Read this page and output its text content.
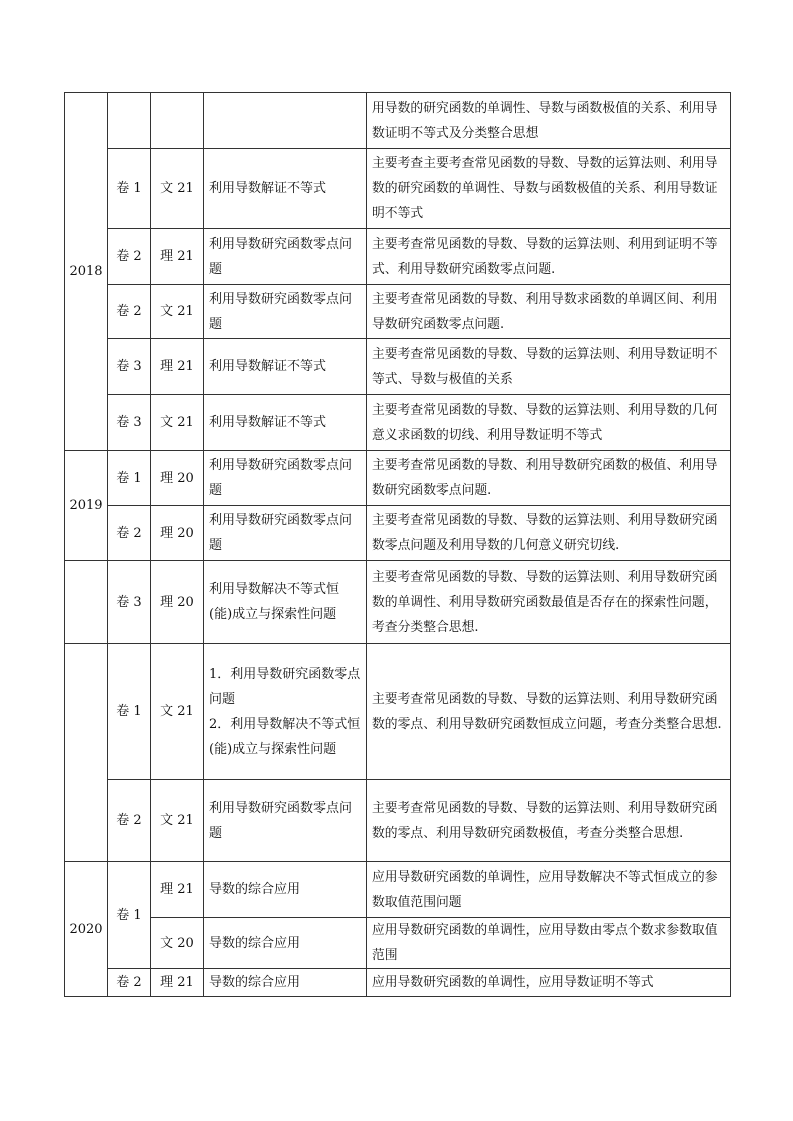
2018				用导数的研究函数的单调性、导数与函数极值的关系、利用导数证明不等式及分类整合思想
	卷 1	文 21	利用导数解证不等式	主要考查主要考查常见函数的导数、导数的运算法则、利用导数的研究函数的单调性、导数与函数极值的关系、利用导数证明不等式
	卷 2	理 21	利用导数研究函数零点问题	主要考查常见函数的导数、导数的运算法则、利用到证明不等式、利用导数研究函数零点问题.
	卷 2	文 21	利用导数研究函数零点问题	主要考查常见函数的导数、利用导数求函数的单调区间、利用导数研究函数零点问题.
	卷 3	理 21	利用导数解证不等式	主要考查常见函数的导数、导数的运算法则、利用导数证明不等式、导数与极值的关系
	卷 3	文 21	利用导数解证不等式	主要考查常见函数的导数、导数的运算法则、利用导数的几何意义求函数的切线、利用导数证明不等式
2019	卷 1	理 20	利用导数研究函数零点问题	主要考查常见函数的导数、利用导数研究函数的极值、利用导数研究函数零点问题.
	卷 2	理 20	利用导数研究函数零点问题	主要考查常见函数的导数、导数的运算法则、利用导数研究函数零点问题及利用导数的几何意义研究切线.
	卷 3	理 20	利用导数解决不等式恒(能)成立与探索性问题	主要考查常见函数的导数、导数的运算法则、利用导数研究函数的单调性、利用导数研究函数最值是否存在的探索性问题，考查分类整合思想.
	卷 1	文 21	1．利用导数研究函数零点问题
2．利用导数解决不等式恒(能)成立与探索性问题	主要考查常见函数的导数、导数的运算法则、利用导数研究函数的零点、利用导数研究函数恒成立问题，考查分类整合思想.
	卷 2	文 21	利用导数研究函数零点问题	主要考查常见函数的导数、导数的运算法则、利用导数研究函数的零点、利用导数研究函数极值，考查分类整合思想.
2020	卷 1	理 21	导数的综合应用	应用导数研究函数的单调性，应用导数解决不等式恒成立的参数取值范围问题
		文 20	导数的综合应用	应用导数研究函数的单调性，应用导数由零点个数求参数取值范围
	卷 2	理 21	导数的综合应用	应用导数研究函数的单调性，应用导数证明不等式
